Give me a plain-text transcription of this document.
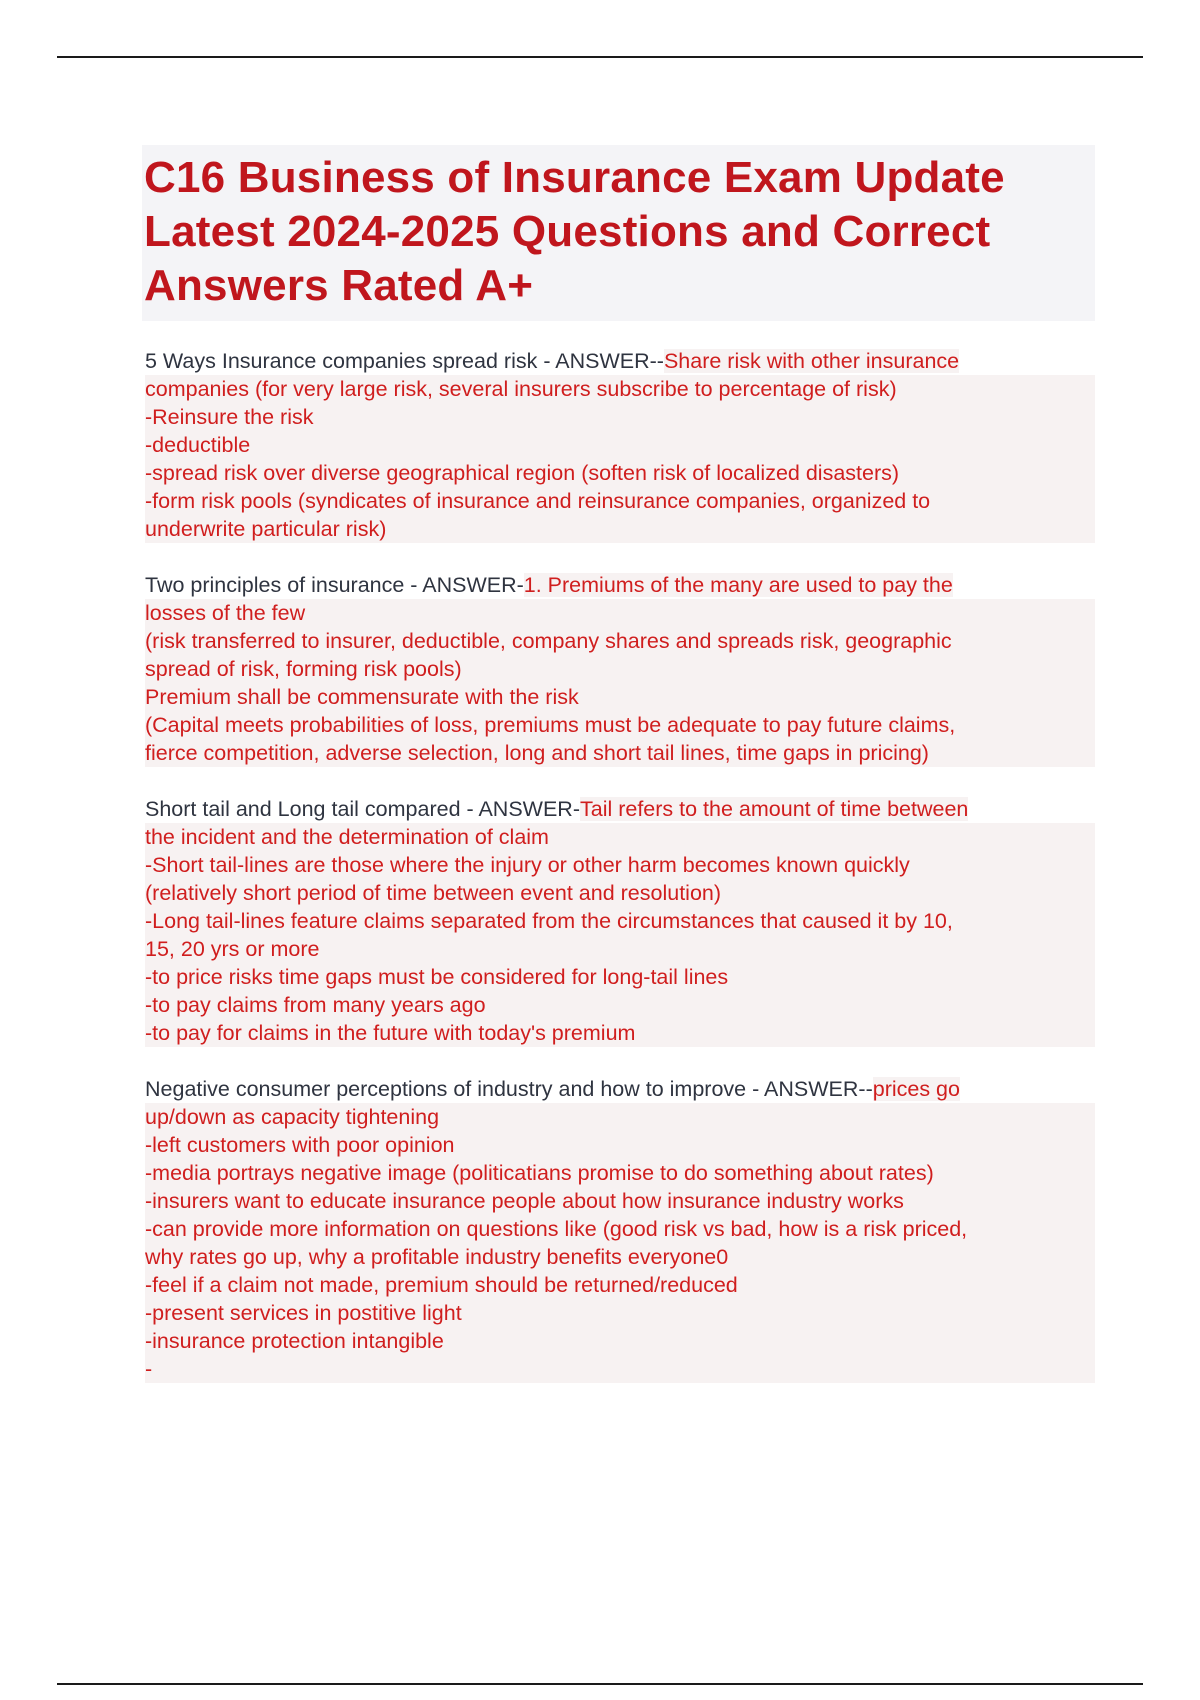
C16 Business of Insurance Exam Update
Latest 2024-2025 Questions and Correct
Answers Rated A+
5 Ways Insurance companies spread risk - ANSWER--Share risk with other insurance
companies (for very large risk, several insurers subscribe to percentage of risk)
-Reinsure the risk
-deductible
-spread risk over diverse geographical region (soften risk of localized disasters)
-form risk pools (syndicates of insurance and reinsurance companies, organized to
underwrite particular risk)
Two principles of insurance - ANSWER-1. Premiums of the many are used to pay the
losses of the few
(risk transferred to insurer, deductible, company shares and spreads risk, geographic
spread of risk, forming risk pools)
Premium shall be commensurate with the risk
(Capital meets probabilities of loss, premiums must be adequate to pay future claims,
fierce competition, adverse selection, long and short tail lines, time gaps in pricing)
Short tail and Long tail compared - ANSWER-Tail refers to the amount of time between
the incident and the determination of claim
-Short tail-lines are those where the injury or other harm becomes known quickly
(relatively short period of time between event and resolution)
-Long tail-lines feature claims separated from the circumstances that caused it by 10,
15, 20 yrs or more
-to price risks time gaps must be considered for long-tail lines
-to pay claims from many years ago
-to pay for claims in the future with today's premium
Negative consumer perceptions of industry and how to improve - ANSWER--prices go
up/down as capacity tightening
-left customers with poor opinion
-media portrays negative image (politicatians promise to do something about rates)
-insurers want to educate insurance people about how insurance industry works
-can provide more information on questions like (good risk vs bad, how is a risk priced,
why rates go up, why a profitable industry benefits everyone0
-feel if a claim not made, premium should be returned/reduced
-present services in postitive light
-insurance protection intangible
-
